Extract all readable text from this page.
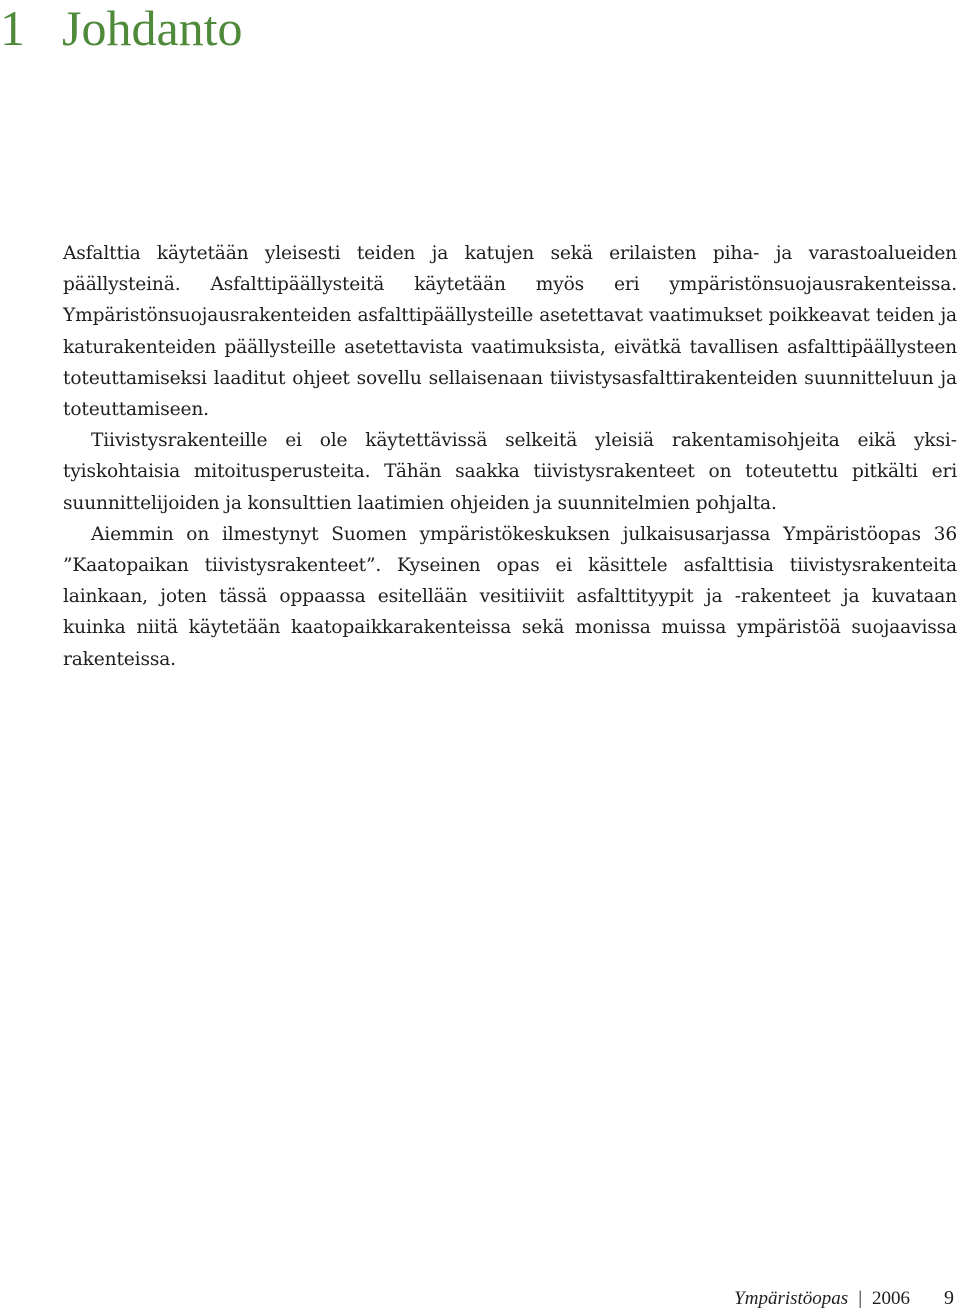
1 Johdanto

Asfalttia käytetään yleisesti teiden ja katujen sekä erilaisten piha- ja varastoalueiden päällysteinä. Asfalttipäällysteitä käytetään myös eri ympäristönsuojausrakenteissa. Ympäristönsuojausrakenteiden asfalttipäällysteille asetettavat vaatimukset poikkeavat teiden ja katurakenteiden päällysteille asetettavista vaatimuksista, eivätkä tavallisen asfalttipäällysteen toteuttamiseksi laaditut ohjeet sovellu sellaisenaan tiivistysasfalttirakenteiden suunnitteluun ja toteuttamiseen.

Tiivistysrakenteille ei ole käytettävissä selkeitä yleisiä rakentamisohjeita eikä yksityiskohtaisia mitoitusperusteita. Tähän saakka tiivistysrakenteet on toteutettu pitkälti eri suunnittelijoiden ja konsulttien laatimien ohjeiden ja suunnitelmien pohjalta.

Aiemmin on ilmestynyt Suomen ympäristökeskuksen julkaisusarjassa Ympäristöopas 36 ”Kaatopaikan tiivistysrakenteet”. Kyseinen opas ei käsittele asfalttisia tiivistysrakenteita lainkaan, joten tässä oppaassa esitellään vesitiiviit asfalttityypit ja -rakenteet ja kuvataan kuinka niitä käytetään kaatopaikkarakenteissa sekä monissa muissa ympäristöä suojaavissa rakenteissa.

Ympäristöopas | 2006 9
